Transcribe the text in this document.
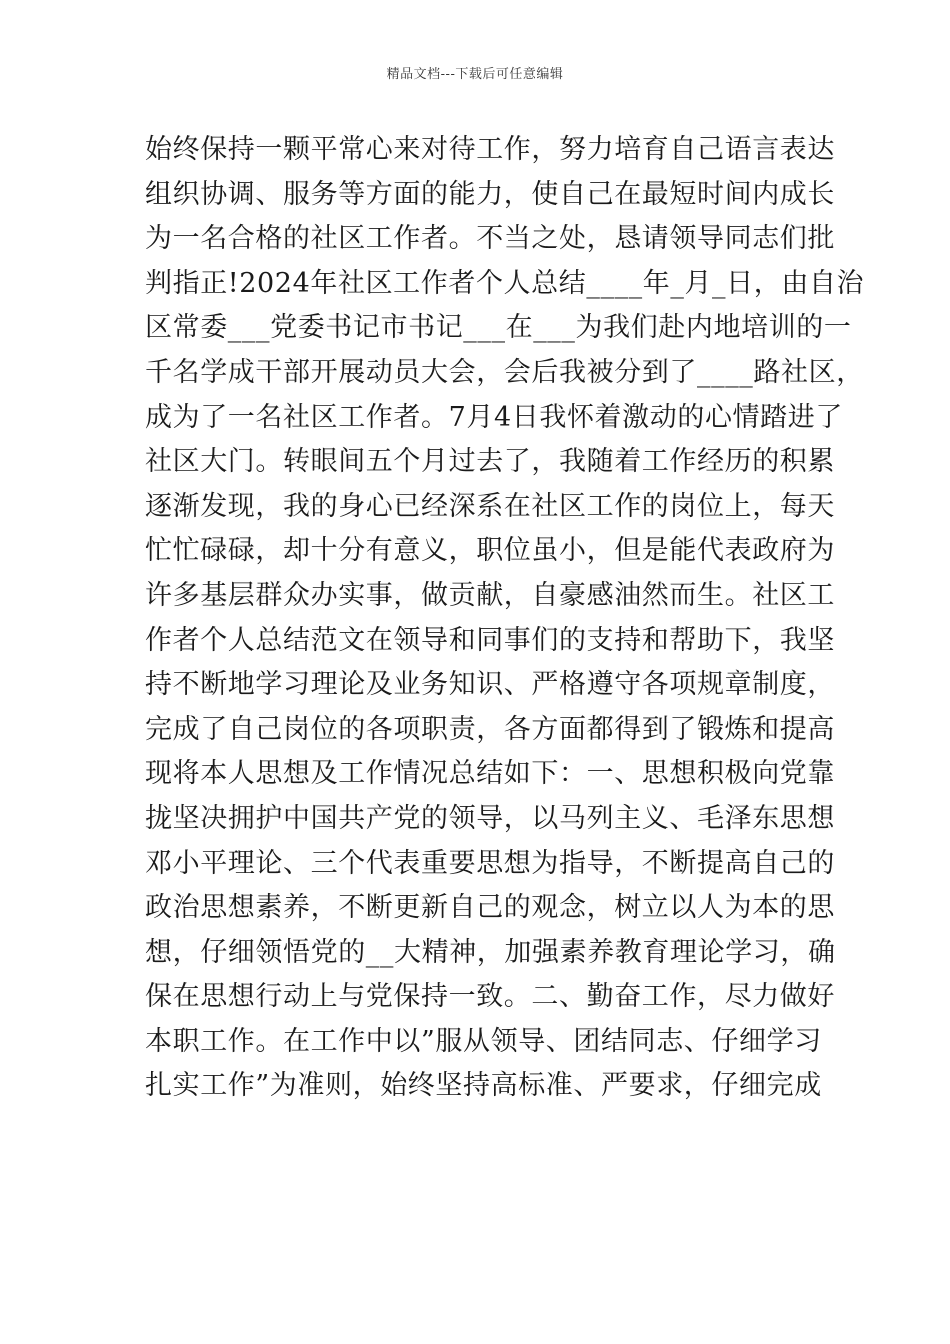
精品文档---下载后可任意编辑
始终保持一颗平常心来对待工作，努力培育自己语言表达
组织协调、服务等方面的能力，使自己在最短时间内成长
为一名合格的社区工作者。不当之处，恳请领导同志们批
判指正!2024年社区工作者个人总结____年_月_日，由自治
区常委___党委书记市书记___在___为我们赴内地培训的一
千名学成干部开展动员大会，会后我被分到了____路社区，
成为了一名社区工作者。7月4日我怀着激动的心情踏进了
社区大门。转眼间五个月过去了，我随着工作经历的积累
逐渐发现，我的身心已经深系在社区工作的岗位上，每天
忙忙碌碌，却十分有意义，职位虽小，但是能代表政府为
许多基层群众办实事，做贡献，自豪感油然而生。社区工
作者个人总结范文在领导和同事们的支持和帮助下，我坚
持不断地学习理论及业务知识、严格遵守各项规章制度，
完成了自己岗位的各项职责，各方面都得到了锻炼和提高
现将本人思想及工作情况总结如下：一、思想积极向党靠
拢坚决拥护中国共产党的领导，以马列主义、毛泽东思想
邓小平理论、三个代表重要思想为指导，不断提高自己的
政治思想素养，不断更新自己的观念，树立以人为本的思
想，仔细领悟党的__大精神，加强素养教育理论学习，确
保在思想行动上与党保持一致。二、勤奋工作，尽力做好
本职工作。在工作中以”服从领导、团结同志、仔细学习
扎实工作”为准则，始终坚持高标准、严要求，仔细完成
